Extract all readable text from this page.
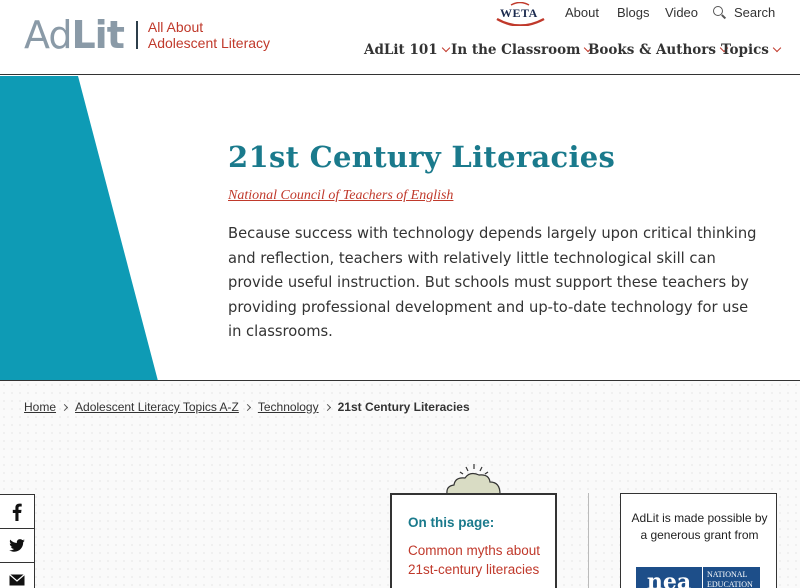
AdLit All About
Adolescent Literacy
WETA About Blogs Video	Search
AdLit 101 In the Classroom Books & Authors Topics
21st Century Literacies
National Council of Teachers of English

Because success with technology depends largely upon critical thinking and reflection, teachers with relatively little technological skill can provide useful instruction. But schools must support these teachers by providing professional development and up-to-date technology for use in classrooms.

Home Adolescent Literacy Topics A-Z Technology 21st Century Literacies
On this page:
Common myths about 21st-century literacies
AdLit is made possible by a generous grant from
nea	NATIONAL EDUCATION
